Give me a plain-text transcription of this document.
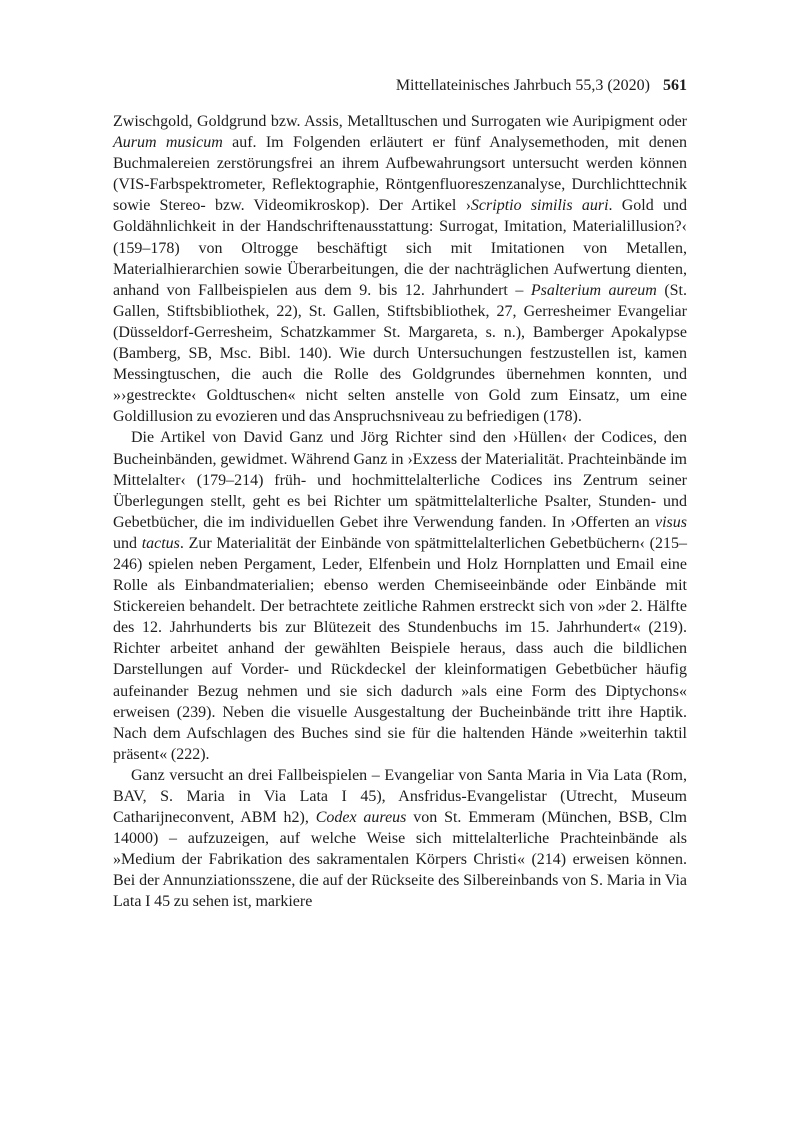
Mittellateinisches Jahrbuch 55,3 (2020) 561

Zwischgold, Goldgrund bzw. Assis, Metalltuschen und Surrogaten wie Auripigment oder Aurum musicum auf. Im Folgenden erläutert er fünf Analysemethoden, mit denen Buchmalereien zerstörungsfrei an ihrem Aufbewahrungsort untersucht werden können (VIS-Farbspektrometer, Reflektographie, Röntgenfluoreszenzanalyse, Durchlichttechnik sowie Stereo- bzw. Videomikroskop). Der Artikel ›Scriptio similis auri. Gold und Goldähnlichkeit in der Handschriftenausstattung: Surrogat, Imitation, Materialillusion?‹ (159–178) von Oltrogge beschäftigt sich mit Imitationen von Metallen, Materialhierarchien sowie Überarbeitungen, die der nachträglichen Aufwertung dienten, anhand von Fallbeispielen aus dem 9. bis 12. Jahrhundert – Psalterium aureum (St. Gallen, Stiftsbibliothek, 22), St. Gallen, Stiftsbibliothek, 27, Gerresheimer Evangeliar (Düsseldorf-Gerresheim, Schatzkammer St. Margareta, s. n.), Bamberger Apokalypse (Bamberg, SB, Msc. Bibl. 140). Wie durch Untersuchungen festzustellen ist, kamen Messingtuschen, die auch die Rolle des Goldgrundes übernehmen konnten, und »›gestreckte‹ Goldtuschen« nicht selten anstelle von Gold zum Einsatz, um eine Goldillusion zu evozieren und das Anspruchsniveau zu befriedigen (178).

Die Artikel von David Ganz und Jörg Richter sind den ›Hüllen‹ der Codices, den Bucheinbänden, gewidmet. Während Ganz in ›Exzess der Materialität. Prachteinbände im Mittelalter‹ (179–214) früh- und hochmittelalterliche Codices ins Zentrum seiner Überlegungen stellt, geht es bei Richter um spätmittelalterliche Psalter, Stunden- und Gebetbücher, die im individuellen Gebet ihre Verwendung fanden. In ›Offerten an visus und tactus. Zur Materialität der Einbände von spätmittelalterlichen Gebetbüchern‹ (215–246) spielen neben Pergament, Leder, Elfenbein und Holz Hornplatten und Email eine Rolle als Einbandmaterialien; ebenso werden Chemiseeinbände oder Einbände mit Stickereien behandelt. Der betrachtete zeitliche Rahmen erstreckt sich von »der 2. Hälfte des 12. Jahrhunderts bis zur Blütezeit des Stundenbuchs im 15. Jahrhundert« (219). Richter arbeitet anhand der gewählten Beispiele heraus, dass auch die bildlichen Darstellungen auf Vorder- und Rückdeckel der kleinformatigen Gebetbücher häufig aufeinander Bezug nehmen und sie sich dadurch »als eine Form des Diptychons« erweisen (239). Neben die visuelle Ausgestaltung der Bucheinbände tritt ihre Haptik. Nach dem Aufschlagen des Buches sind sie für die haltenden Hände »weiterhin taktil präsent« (222).

Ganz versucht an drei Fallbeispielen – Evangeliar von Santa Maria in Via Lata (Rom, BAV, S. Maria in Via Lata I 45), Ansfridus-Evangelistar (Utrecht, Museum Catharijneconvent, ABM h2), Codex aureus von St. Emmeram (München, BSB, Clm 14000) – aufzuzeigen, auf welche Weise sich mittelalterliche Prachteinbände als »Medium der Fabrikation des sakramentalen Körpers Christi« (214) erweisen können. Bei der Annunziationsszene, die auf der Rückseite des Silbereinbands von S. Maria in Via Lata I 45 zu sehen ist, markiere
